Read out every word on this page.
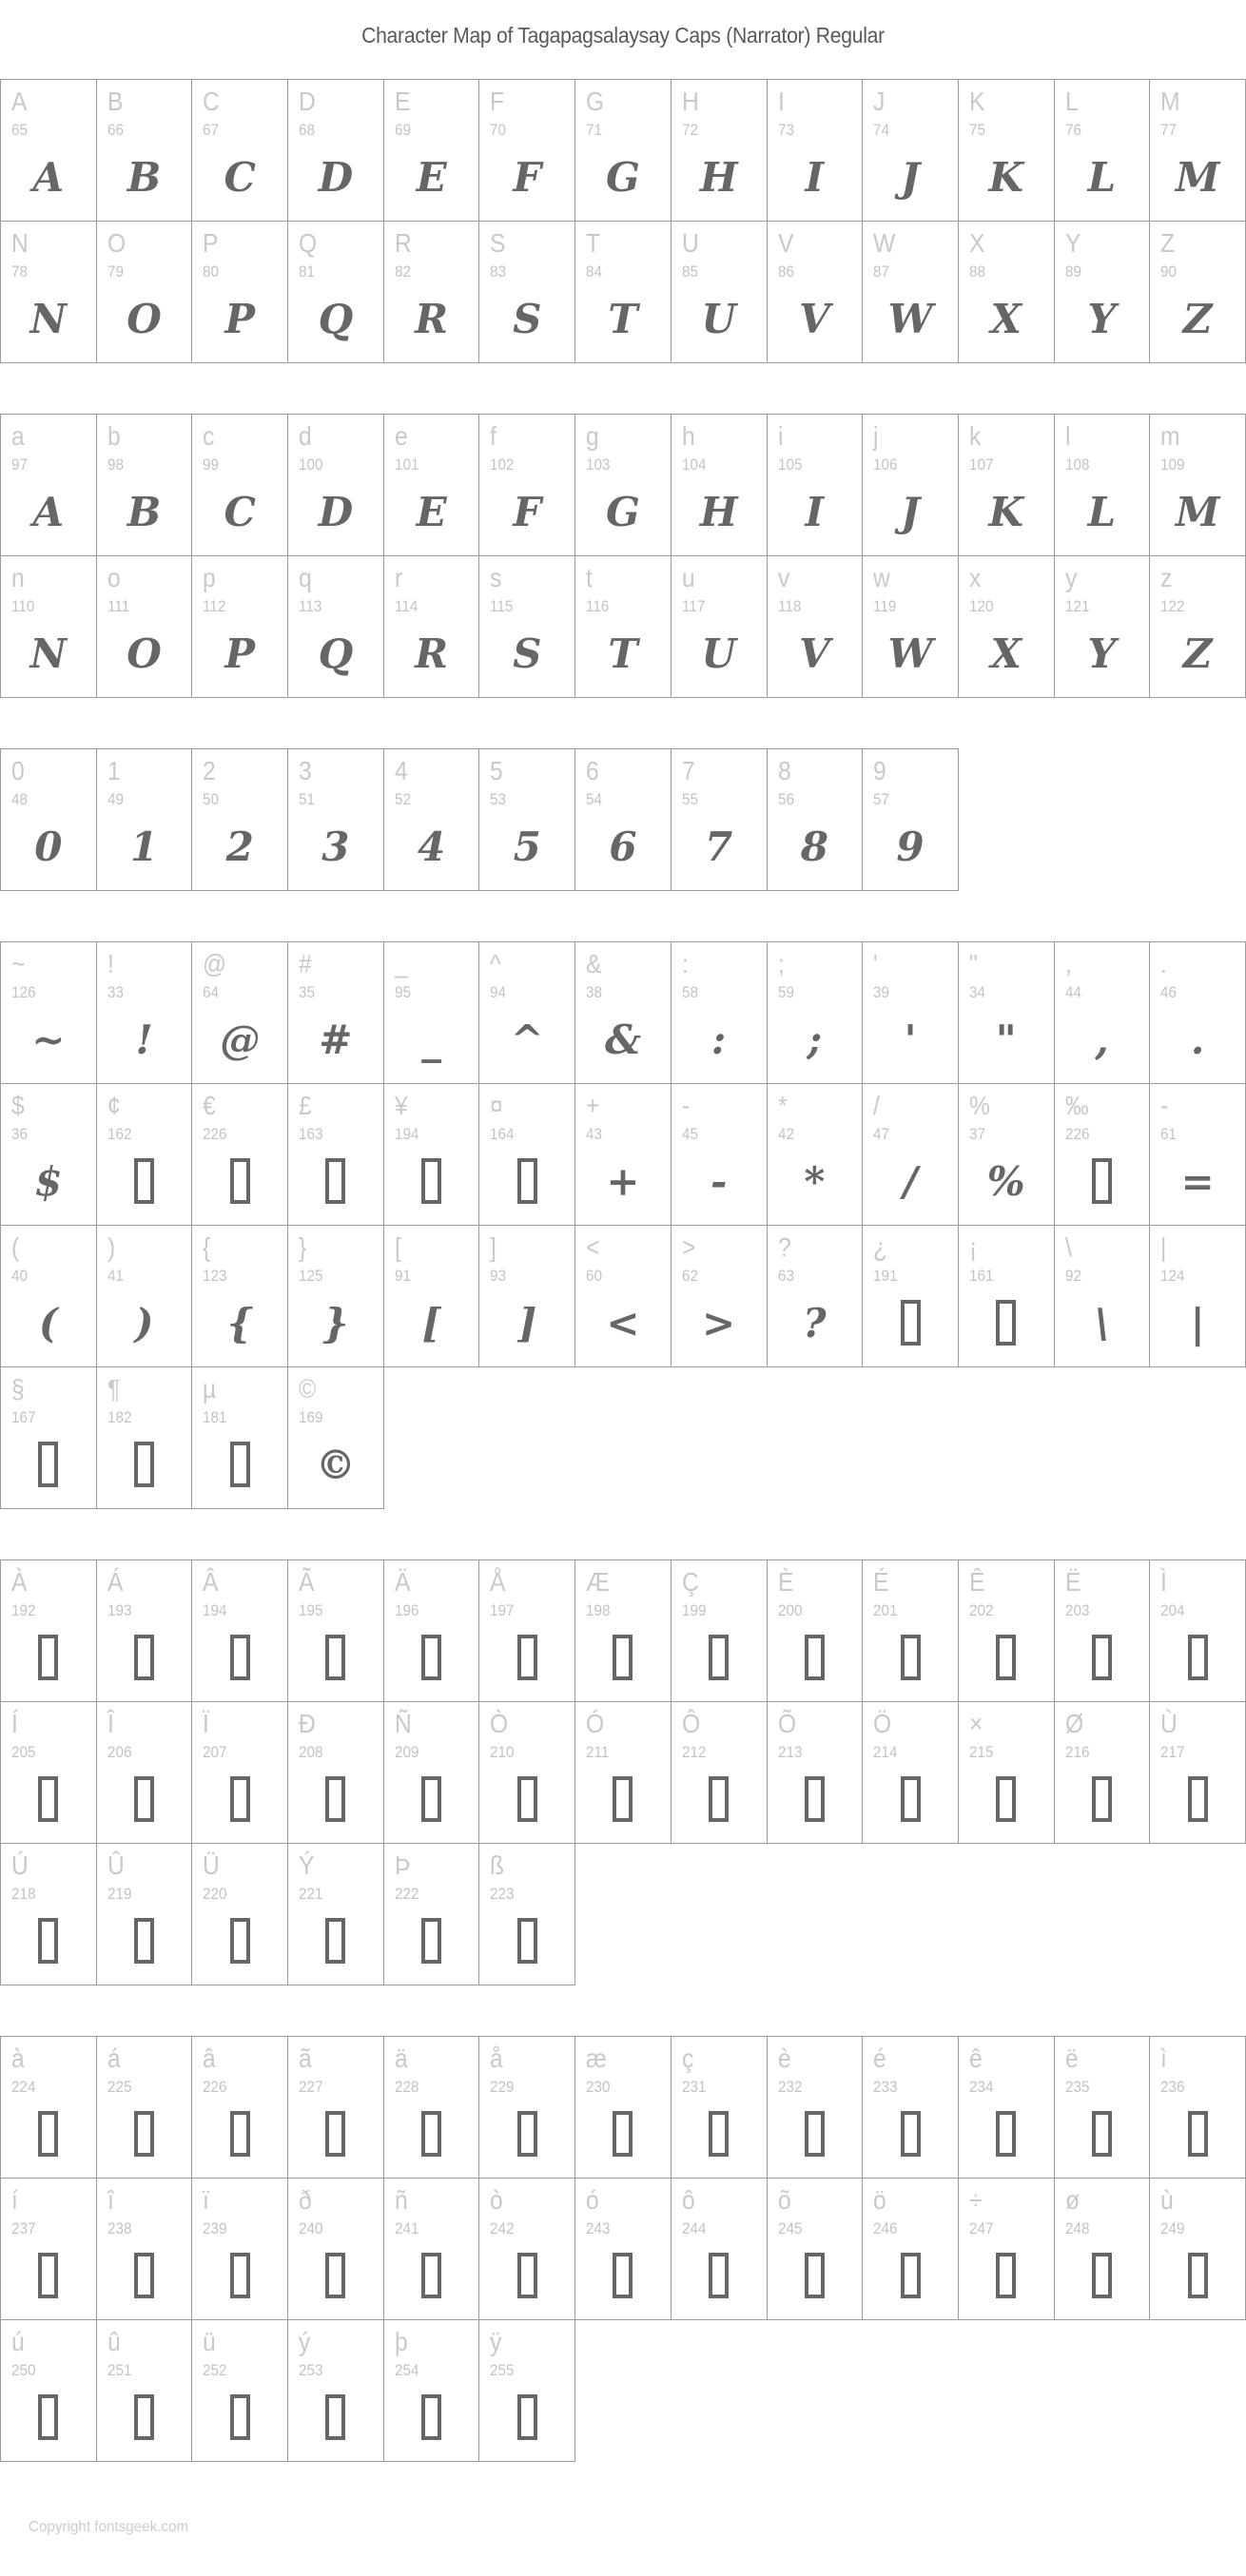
Character Map of Tagapagsalaysay Caps (Narrator) Regular
A
65
A
B
66
B
C
67
C
D
68
D
E
69
E
F
70
F
G
71
G
H
72
H
I
73
I
J
74
J
K
75
K
L
76
L
M
77
M
N
78
N
O
79
O
P
80
P
Q
81
Q
R
82
R
S
83
S
T
84
T
U
85
U
V
86
V
W
87
W
X
88
X
Y
89
Y
Z
90
Z
a
97
A
b
98
B
c
99
C
d
100
D
e
101
E
f
102
F
g
103
G
h
104
H
i
105
I
j
106
J
k
107
K
l
108
L
m
109
M
n
110
N
o
111
O
p
112
P
q
113
Q
r
114
R
s
115
S
t
116
T
u
117
U
v
118
V
w
119
W
x
120
X
y
121
Y
z
122
Z
0
48
0
1
49
1
2
50
2
3
51
3
4
52
4
5
53
5
6
54
6
7
55
7
8
56
8
9
57
9
~
126
~
!
33
!
@
64
@
#
35
#
_
95
_
^
94
^
&
38
&
:
58
:
;
59
;
'
39
'
"
34
"
,
44
,
.
46
.
$
36
$
¢
162
€
226
£
163
¥
194
¤
164
+
43
+
-
45
-
*
42
*
/
47
/
%
37
%
‰
226
-
61
=
(
40
(
)
41
)
{
123
{
}
125
}
[
91
[
]
93
]
<
60
<
>
62
>
?
63
?
¿
191
¡
161
\
92
\
|
124
|
§
167
¶
182
µ
181
©
169
©
À
192
Á
193
Â
194
Ã
195
Ä
196
Å
197
Æ
198
Ç
199
È
200
É
201
Ê
202
Ë
203
Ì
204
Í
205
Î
206
Ï
207
Ð
208
Ñ
209
Ò
210
Ó
211
Ô
212
Õ
213
Ö
214
×
215
Ø
216
Ù
217
Ú
218
Û
219
Ü
220
Ý
221
Þ
222
ß
223
à
224
á
225
â
226
ã
227
ä
228
å
229
æ
230
ç
231
è
232
é
233
ê
234
ë
235
ì
236
í
237
î
238
ï
239
ð
240
ñ
241
ò
242
ó
243
ô
244
õ
245
ö
246
÷
247
ø
248
ù
249
ú
250
û
251
ü
252
ý
253
þ
254
ÿ
255
Copyright fontsgeek.com
